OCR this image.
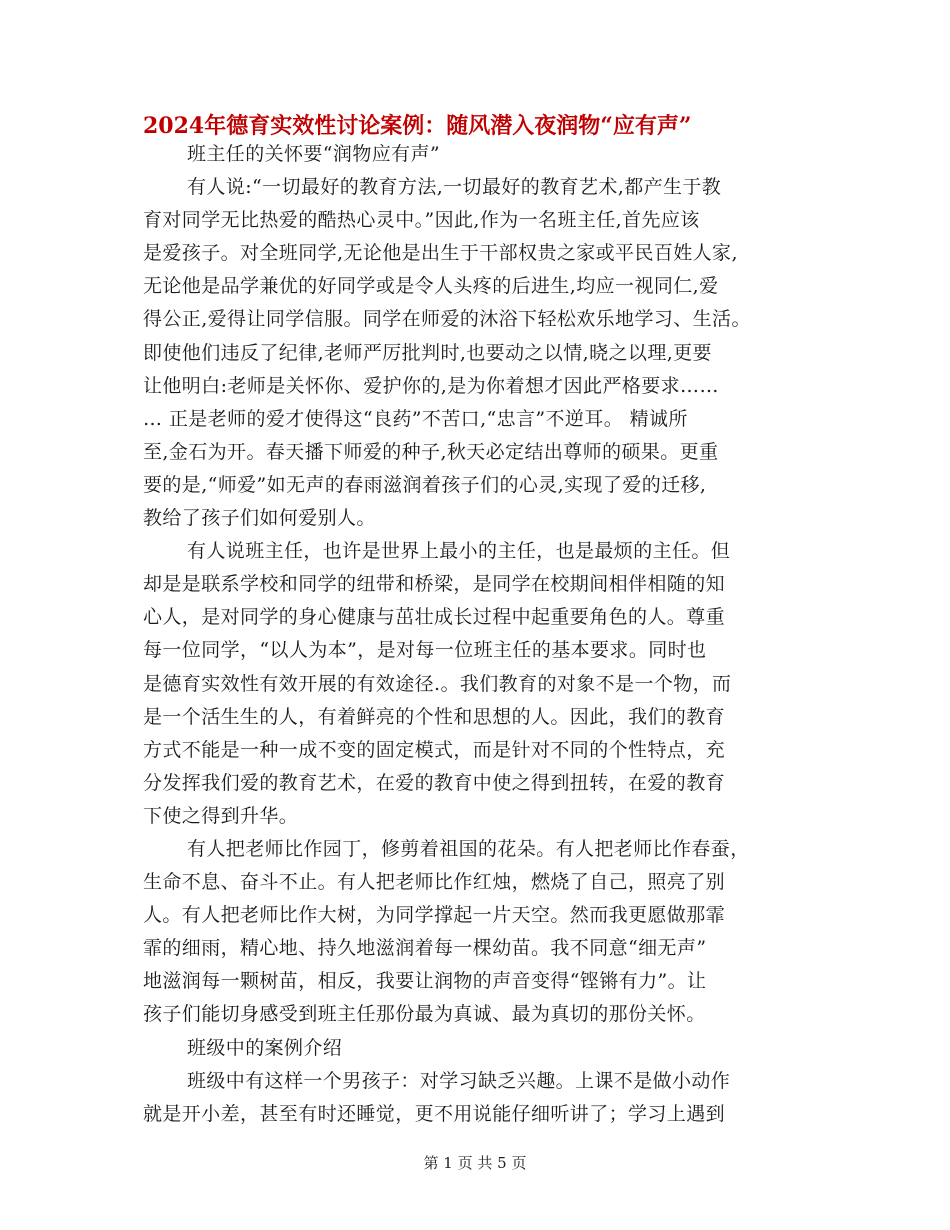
2024年德育实效性讨论案例：随风潜入夜润物“应有声”
班主任的关怀要“润物应有声”
有人说:“一切最好的教育方法,一切最好的教育艺术,都产生于教
育对同学无比热爱的酷热心灵中。”因此,作为一名班主任,首先应该
是爱孩子。对全班同学,无论他是出生于干部权贵之家或平民百姓人家,
无论他是品学兼优的好同学或是令人头疼的后进生,均应一视同仁,爱
得公正,爱得让同学信服。同学在师爱的沐浴下轻松欢乐地学习、生活。
即使他们违反了纪律,老师严厉批判时,也要动之以情,晓之以理,更要
让他明白:老师是关怀你、爱护你的,是为你着想才因此严格要求……
… 正是老师的爱才使得这“良药”不苦口,“忠言”不逆耳。 精诚所
至,金石为开。春天播下师爱的种子,秋天必定结出尊师的硕果。更重
要的是,“师爱”如无声的春雨滋润着孩子们的心灵,实现了爱的迁移,
教给了孩子们如何爱别人。
有人说班主任，也许是世界上最小的主任，也是最烦的主任。但
却是是联系学校和同学的纽带和桥梁，是同学在校期间相伴相随的知
心人，是对同学的身心健康与茁壮成长过程中起重要角色的人。尊重
每一位同学，“以人为本”，是对每一位班主任的基本要求。同时也
是德育实效性有效开展的有效途径.。我们教育的对象不是一个物，而
是一个活生生的人，有着鲜亮的个性和思想的人。因此，我们的教育
方式不能是一种一成不变的固定模式，而是针对不同的个性特点，充
分发挥我们爱的教育艺术，在爱的教育中使之得到扭转，在爱的教育
下使之得到升华。
有人把老师比作园丁，修剪着祖国的花朵。有人把老师比作春蚕，
生命不息、奋斗不止。有人把老师比作红烛，燃烧了自己，照亮了别
人。有人把老师比作大树，为同学撑起一片天空。然而我更愿做那霏
霏的细雨，精心地、持久地滋润着每一棵幼苗。我不同意“细无声”
地滋润每一颗树苗，相反，我要让润物的声音变得“铿锵有力”。让
孩子们能切身感受到班主任那份最为真诚、最为真切的那份关怀。
班级中的案例介绍
班级中有这样一个男孩子：对学习缺乏兴趣。上课不是做小动作
就是开小差，甚至有时还睡觉，更不用说能仔细听讲了；学习上遇到
第 1 页 共 5 页
